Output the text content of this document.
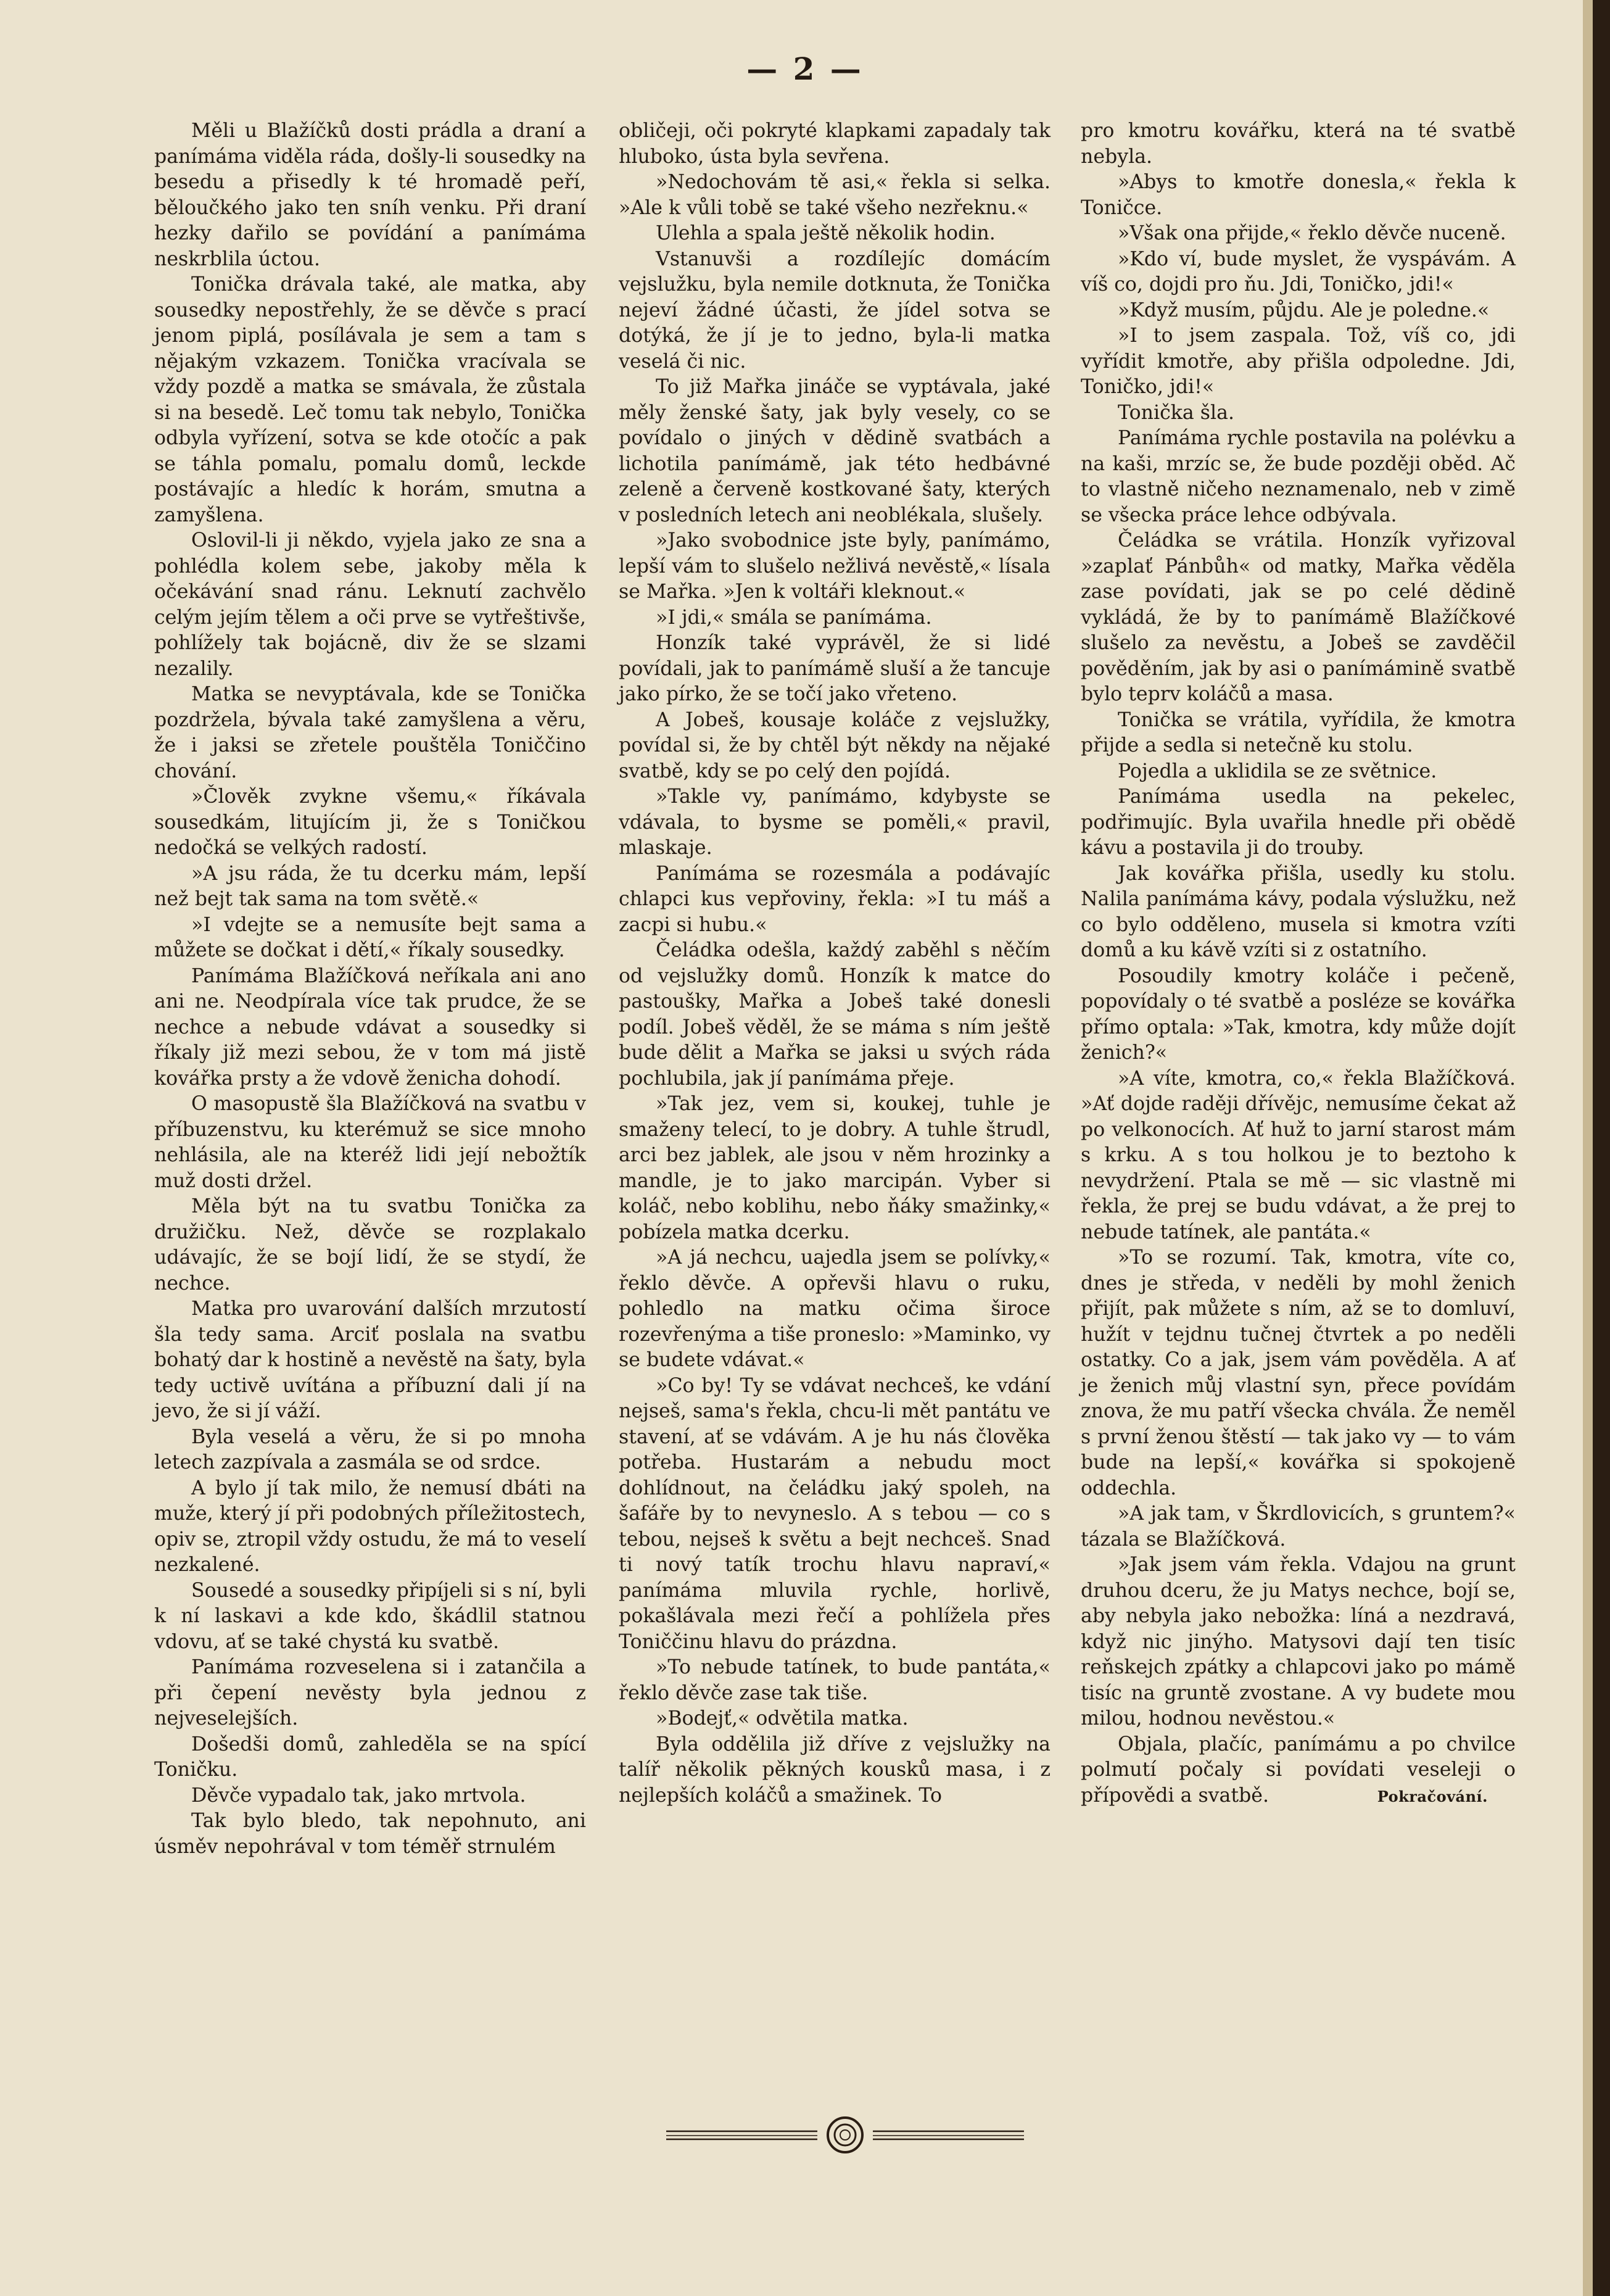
— 2 —

Měli u Blažíčků dosti prádla a draní a panímáma viděla ráda, došly-li sousedky na besedu a přisedly k té hromadě peří, běloučkého jako ten sníh venku. Při draní hezky dařilo se povídání a panímáma neskrblila úctou.

Tonička drávala také, ale matka, aby sousedky nepostřehly, že se děvče s prací jenom piplá, posílávala je sem a tam s nějakým vzkazem. Tonička vracívala se vždy pozdě a matka se smávala, že zůstala si na besedě. Leč tomu tak nebylo, Tonička odbyla vyřízení, sotva se kde otočíc a pak se táhla pomalu, pomalu domů, leckde postávajíc a hledíc k horám, smutna a zamyšlena.

Oslovil-li ji někdo, vyjela jako ze sna a pohlédla kolem sebe, jakoby měla k očekávání snad ránu. Leknutí zachvělo celým jejím tělem a oči prve se vytřeštivše, pohlížely tak bojácně, div že se slzami nezalily.

Matka se nevyptávala, kde se Tonička pozdržela, bývala také zamyšlena a věru, že i jaksi se zřetele pouštěla Toniččino chování.

»Člověk zvykne všemu,« říkávala sousedkám, litujícím ji, že s Toničkou nedočká se velkých radostí.

»A jsu ráda, že tu dcerku mám, lepší než bejt tak sama na tom světě.«

»I vdejte se a nemusíte bejt sama a můžete se dočkat i dětí,« říkaly sousedky.

Panímáma Blažíčková neříkala ani ano ani ne. Neodpírala více tak prudce, že se nechce a nebude vdávat a sousedky si říkaly již mezi sebou, že v tom má jistě kovářka prsty a že vdově ženicha dohodí.

O masopustě šla Blažíčková na svatbu v příbuzenstvu, ku kterémuž se sice mnoho nehlásila, ale na kteréž lidi její nebožtík muž dosti držel.

Měla být na tu svatbu Tonička za družičku. Než, děvče se rozplakalo udávajíc, že se bojí lidí, že se stydí, že nechce.

Matka pro uvarování dalších mrzutostí šla tedy sama. Arciť poslala na svatbu bohatý dar k hostině a nevěstě na šaty, byla tedy uctivě uvítána a příbuzní dali jí na jevo, že si jí váží.

Byla veselá a věru, že si po mnoha letech zazpívala a zasmála se od srdce.

A bylo jí tak milo, že nemusí dbáti na muže, který jí při podobných příležitostech, opiv se, ztropil vždy ostudu, že má to veselí nezkalené.

Sousedé a sousedky připíjeli si s ní, byli k ní laskavi a kde kdo, škádlil statnou vdovu, ať se také chystá ku svatbě.

Panímáma rozveselena si i zatančila a při čepení nevěsty byla jednou z nejveselejších.

Došedši domů, zahleděla se na spící Toničku.

Děvče vypadalo tak, jako mrtvola.

Tak bylo bledo, tak nepohnuto, ani úsměv nepohrával v tom téměř strnulém

obličeji, oči pokryté klapkami zapadaly tak hluboko, ústa byla sevřena.

»Nedochovám tě asi,« řekla si selka. »Ale k vůli tobě se také všeho nezřeknu.«

Ulehla a spala ještě několik hodin.

Vstanuvši a rozdílejíc domácím vejslužku, byla nemile dotknuta, že Tonička nejeví žádné účasti, že jídel sotva se dotýká, že jí je to jedno, byla-li matka veselá či nic.

To již Mařka jináče se vyptávala, jaké měly ženské šaty, jak byly vesely, co se povídalo o jiných v dědině svatbách a lichotila panímámě, jak této hedbávné zeleně a červeně kostkované šaty, kterých v posledních letech ani neoblékala, slušely.

»Jako svobodnice jste byly, panímámo, lepší vám to slušelo nežlivá nevěstě,« lísala se Mařka. »Jen k voltáři kleknout.«

»I jdi,« smála se panímáma.

Honzík také vyprávěl, že si lidé povídali, jak to panímámě sluší a že tancuje jako pírko, že se točí jako vřeteno.

A Jobeš, kousaje koláče z vejslužky, povídal si, že by chtěl být někdy na nějaké svatbě, kdy se po celý den pojídá.

»Takle vy, panímámo, kdybyste se vdávala, to bysme se poměli,« pravil, mlaskaje.

Panímáma se rozesmála a podávajíc chlapci kus vepřoviny, řekla: »I tu máš a zacpi si hubu.«

Čeládka odešla, každý zaběhl s něčím od vejslužky domů. Honzík k matce do pastoušky, Mařka a Jobeš také donesli podíl. Jobeš věděl, že se máma s ním ještě bude dělit a Mařka se jaksi u svých ráda pochlubila, jak jí panímáma přeje.

»Tak jez, vem si, koukej, tuhle je smaženy telecí, to je dobry. A tuhle štrudl, arci bez jablek, ale jsou v něm hrozinky a mandle, je to jako marcipán. Vyber si koláč, nebo koblihu, nebo ňáky smažinky,« pobízela matka dcerku.

»A já nechcu, uajedla jsem se polívky,« řeklo děvče. A opřevši hlavu o ruku, pohledlo na matku očima široce rozevřenýma a tiše proneslo: »Maminko, vy se budete vdávat.«

»Co by! Ty se vdávat nechceš, ke vdání nejseš, sama's řekla, chcu-li mět pantátu ve stavení, ať se vdávám. A je hu nás člověka potřeba. Hustarám a nebudu moct dohlídnout, na čeládku jaký spoleh, na šafáře by to nevyneslo. A s tebou — co s tebou, nejseš k světu a bejt nechceš. Snad ti nový tatík trochu hlavu napraví,« panímáma mluvila rychle, horlivě, pokašlávala mezi řečí a pohlížela přes Toniččinu hlavu do prázdna.

»To nebude tatínek, to bude pantáta,« řeklo děvče zase tak tiše.

»Bodejť,« odvětila matka.

Byla oddělila již dříve z vejslužky na talíř několik pěkných kousků masa, i z nejlepších koláčů a smažinek. To

pro kmotru kovářku, která na té svatbě nebyla.

»Abys to kmotře donesla,« řekla k Toničce.

»Však ona přijde,« řeklo děvče nuceně.

»Kdo ví, bude myslet, že vyspávám. A víš co, dojdi pro ňu. Jdi, Toničko, jdi!«

»Když musím, půjdu. Ale je poledne.«

»I to jsem zaspala. Tož, víš co, jdi vyřídit kmotře, aby přišla odpoledne. Jdi, Toničko, jdi!«

Tonička šla.

Panímáma rychle postavila na polévku a na kaši, mrzíc se, že bude později oběd. Ač to vlastně ničeho neznamenalo, neb v zimě se všecka práce lehce odbývala.

Čeládka se vrátila. Honzík vyřizoval »zaplať Pánbůh« od matky, Mařka věděla zase povídati, jak se po celé dědině vykládá, že by to panímámě Blažíčkové slušelo za nevěstu, a Jobeš se zavděčil pověděním, jak by asi o panímámině svatbě bylo teprv koláčů a masa.

Tonička se vrátila, vyřídila, že kmotra přijde a sedla si netečně ku stolu.

Pojedla a uklidila se ze světnice.

Panímáma usedla na pekelec, podřimujíc. Byla uvařila hnedle při obědě kávu a postavila ji do trouby.

Jak kovářka přišla, usedly ku stolu. Nalila panímáma kávy, podala výslužku, než co bylo odděleno, musela si kmotra vzíti domů a ku kávě vzíti si z ostatního.

Posoudily kmotry koláče i pečeně, popovídaly o té svatbě a posléze se kovářka přímo optala: »Tak, kmotra, kdy může dojít ženich?«

»A víte, kmotra, co,« řekla Blažíčková. »Ať dojde raději dřívějc, nemusíme čekat až po velkonocích. Ať huž to jarní starost mám s krku. A s tou holkou je to beztoho k nevydržení. Ptala se mě — sic vlastně mi řekla, že prej se budu vdávat, a že prej to nebude tatínek, ale pantáta.«

»To se rozumí. Tak, kmotra, víte co, dnes je středa, v neděli by mohl ženich přijít, pak můžete s ním, až se to domluví, hužít v tejdnu tučnej čtvrtek a po neděli ostatky. Co a jak, jsem vám pověděla. A ať je ženich můj vlastní syn, přece povídám znova, že mu patří všecka chvála. Že neměl s první ženou štěstí — tak jako vy — to vám bude na lepší,« kovářka si spokojeně oddechla.

»A jak tam, v Škrdlovicích, s gruntem?« tázala se Blažíčková.

»Jak jsem vám řekla. Vdajou na grunt druhou dceru, že ju Matys nechce, bojí se, aby nebyla jako nebožka: líná a nezdravá, když nic jinýho. Matysovi dají ten tisíc reňskejch zpátky a chlapcovi jako po mámě tisíc na gruntě zvostane. A vy budete mou milou, hodnou nevěstou.«

Objala, plačíc, panímámu a po chvilce polmutí počaly si povídati veseleji o přípovědi a svatbě.	Pokračování.
